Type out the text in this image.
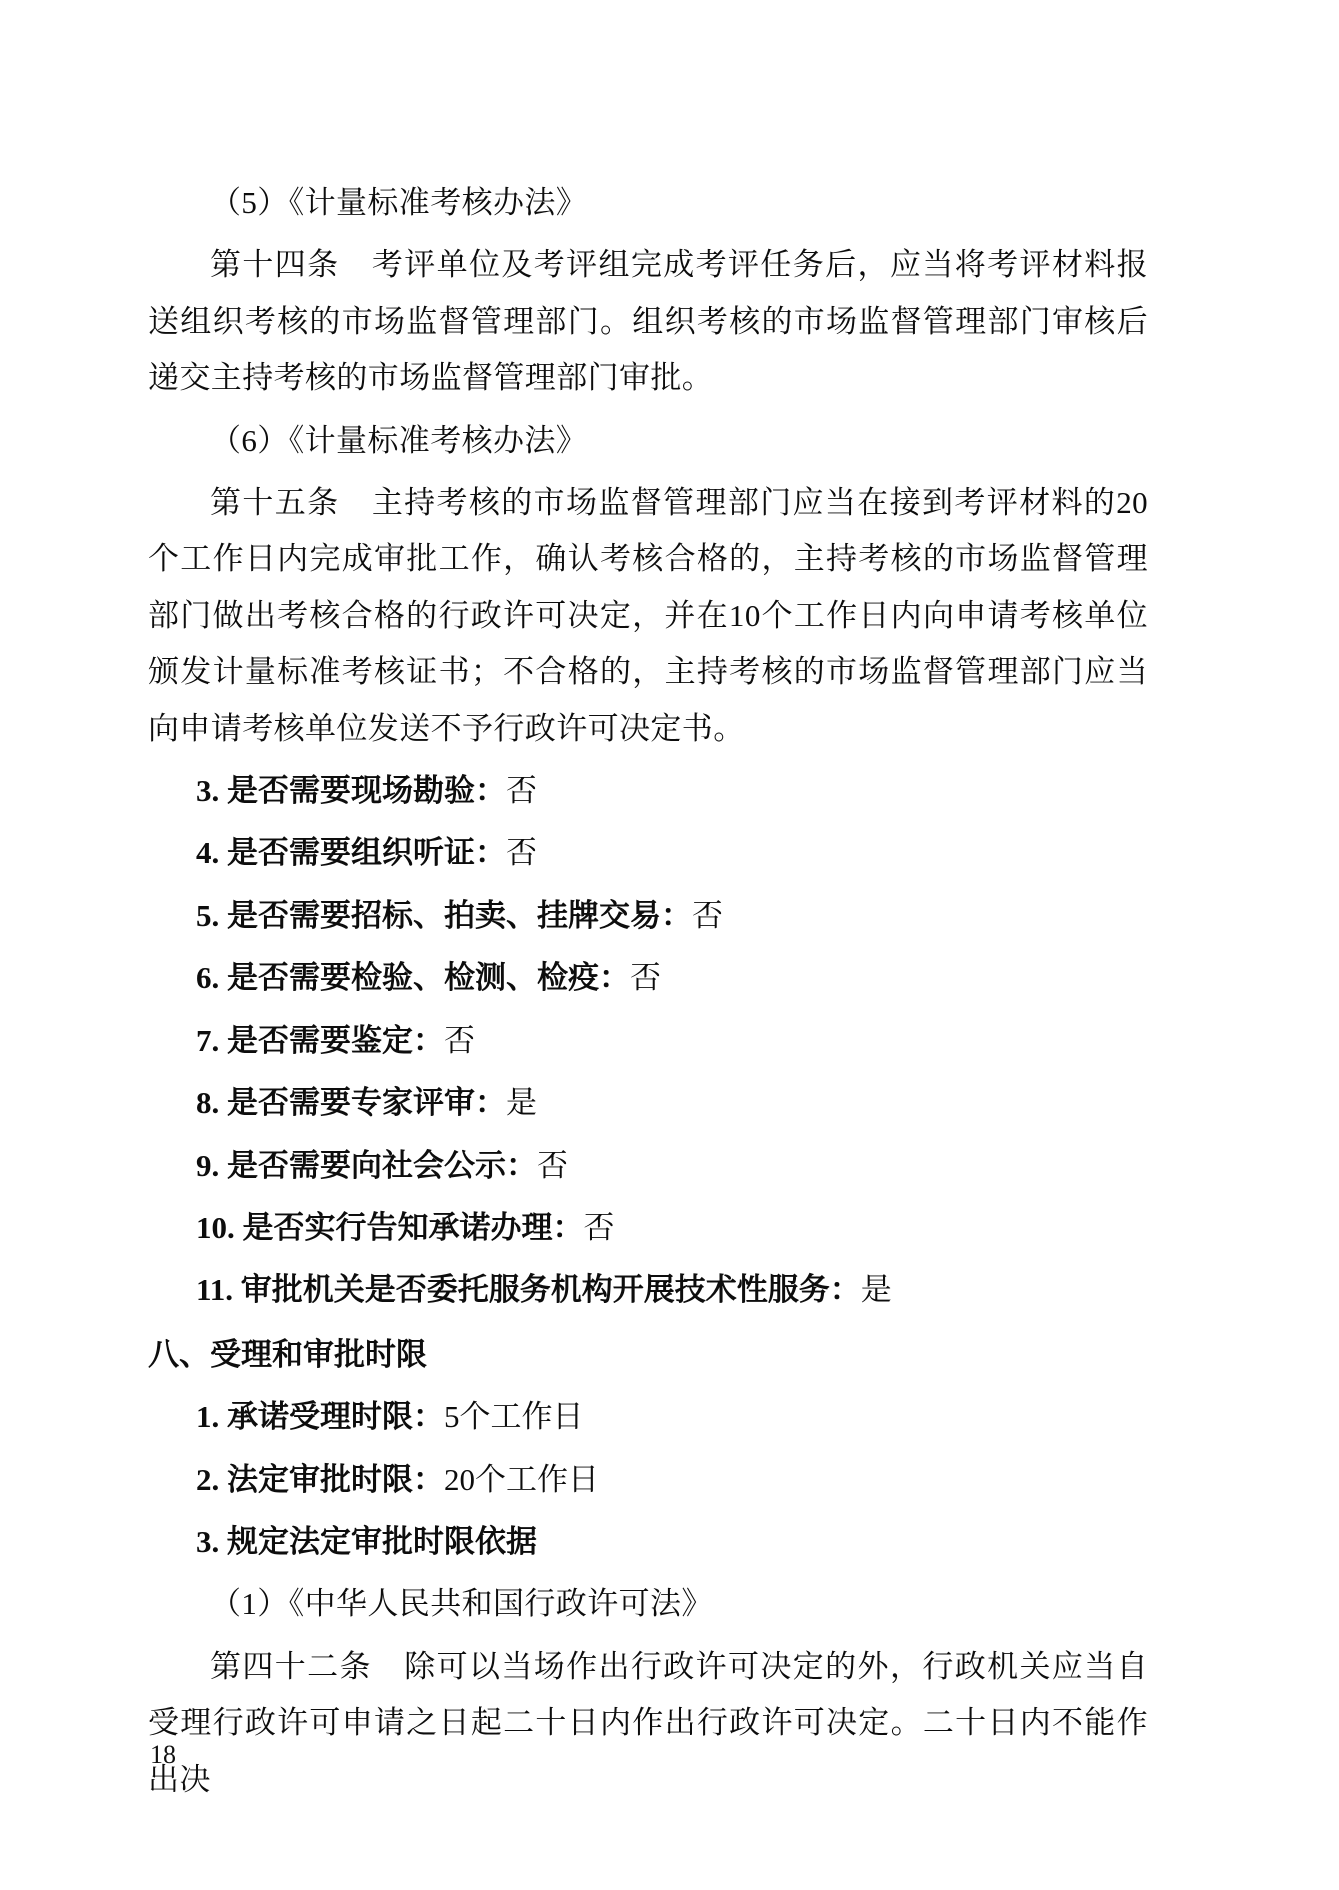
（5）《计量标准考核办法》

第十四条　考评单位及考评组完成考评任务后，应当将考评材料报送组织考核的市场监督管理部门。组织考核的市场监督管理部门审核后递交主持考核的市场监督管理部门审批。

（6）《计量标准考核办法》

第十五条　主持考核的市场监督管理部门应当在接到考评材料的20个工作日内完成审批工作，确认考核合格的，主持考核的市场监督管理部门做出考核合格的行政许可决定，并在10个工作日内向申请考核单位颁发计量标准考核证书；不合格的，主持考核的市场监督管理部门应当向申请考核单位发送不予行政许可决定书。

3. 是否需要现场勘验：否

4. 是否需要组织听证：否

5. 是否需要招标、拍卖、挂牌交易：否

6. 是否需要检验、检测、检疫：否

7. 是否需要鉴定：否

8. 是否需要专家评审：是

9. 是否需要向社会公示：否

10. 是否实行告知承诺办理：否

11. 审批机关是否委托服务机构开展技术性服务：是

八、受理和审批时限

1. 承诺受理时限：5个工作日

2. 法定审批时限：20个工作日

3. 规定法定审批时限依据

（1）《中华人民共和国行政许可法》

第四十二条　除可以当场作出行政许可决定的外，行政机关应当自受理行政许可申请之日起二十日内作出行政许可决定。二十日内不能作出决

18
